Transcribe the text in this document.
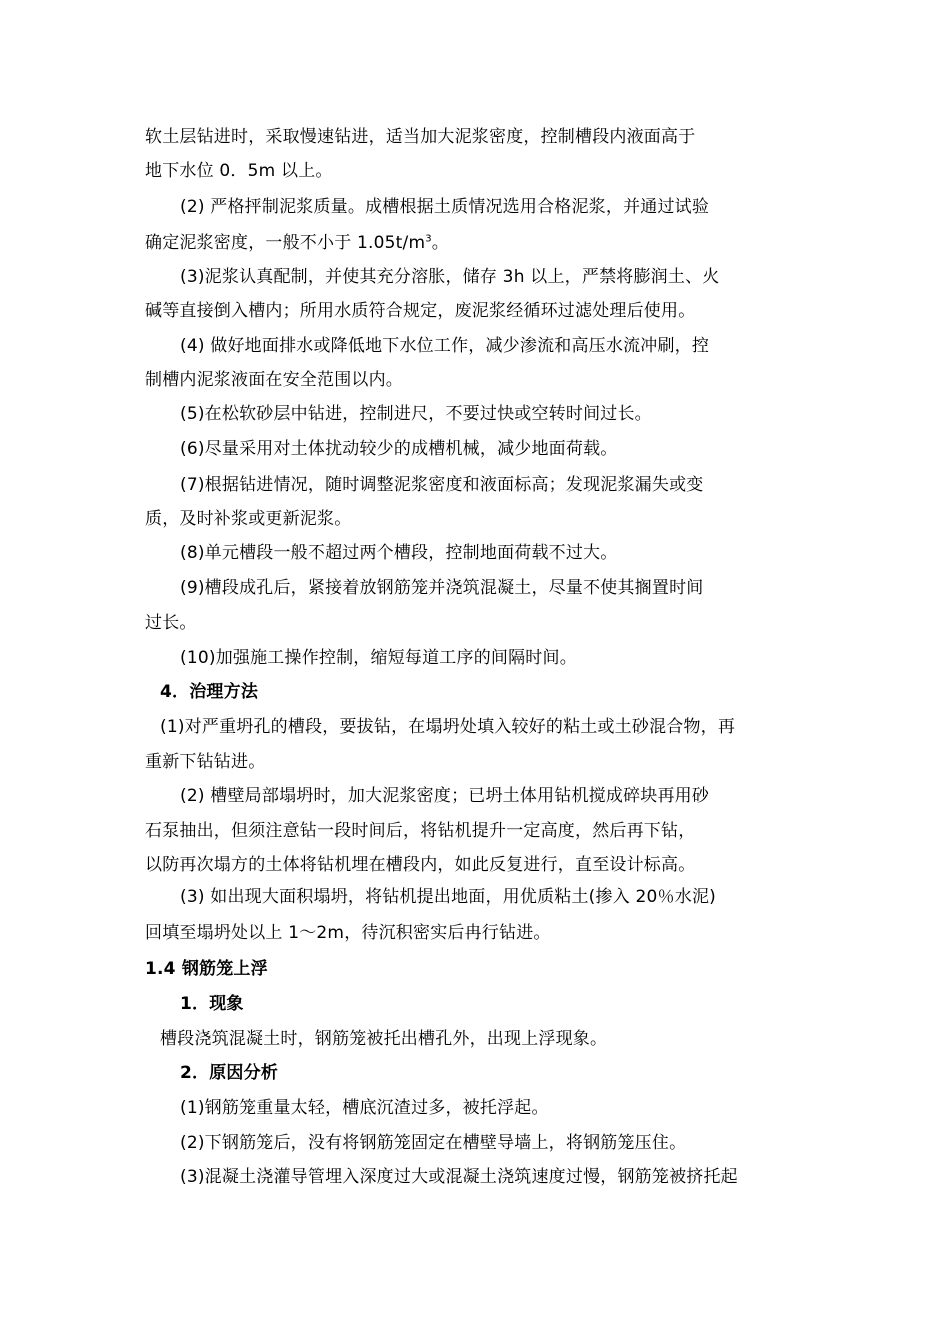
软土层钻进时，采取慢速钻进，适当加大泥浆密度，控制槽段内液面高于
地下水位 0．5m 以上。
(2) 严格抨制泥浆质量。成槽根据土质情况选用合格泥浆，并通过试验
确定泥浆密度，一般不小于 $1.05t/m^3$。
(3)泥浆认真配制，并使其充分溶胀，储存 3h 以上，严禁将膨润土、火
碱等直接倒入槽内；所用水质符合规定，废泥浆经循环过滤处理后使用。
(4) 做好地面排水或降低地下水位工作，减少渗流和高压水流冲刷，控
制槽内泥浆液面在安全范围以内。
(5)在松软砂层中钻进，控制进尺，不要过快或空转时间过长。
(6)尽量采用对土体扰动较少的成槽机械，减少地面荷载。
(7)根据钻进情况，随时调整泥浆密度和液面标高；发现泥浆漏失或变
质，及时补浆或更新泥浆。
(8)单元槽段一般不超过两个槽段，控制地面荷载不过大。
(9)槽段成孔后，紧接着放钢筋笼并浇筑混凝土，尽量不使其搁置时间
过长。
(10)加强施工操作控制，缩短每道工序的间隔时间。
4．治理方法
(1)对严重坍孔的槽段，要拔钻，在塌坍处填入较好的粘土或土砂混合物，再
重新下钻钻进。
(2) 槽壁局部塌坍时，加大泥浆密度；已坍土体用钻机搅成碎块再用砂
石泵抽出，但须注意钻一段时间后，将钻机提升一定高度，然后再下钻，
以防再次塌方的土体将钻机埋在槽段内，如此反复进行，直至设计标高。
(3) 如出现大面积塌坍，将钻机提出地面，用优质粘土(掺入 20％水泥)
回填至塌坍处以上 1～2m，待沉积密实后冉行钻进。
1.4 钢筋笼上浮
1．现象
槽段浇筑混凝土时，钢筋笼被托出槽孔外，出现上浮现象。
2．原因分析
(1)钢筋笼重量太轻，槽底沉渣过多，被托浮起。
(2)下钢筋笼后，没有将钢筋笼固定在槽壁导墙上，将钢筋笼压住。
(3)混凝土浇灌导管埋入深度过大或混凝土浇筑速度过慢，钢筋笼被挤托起
